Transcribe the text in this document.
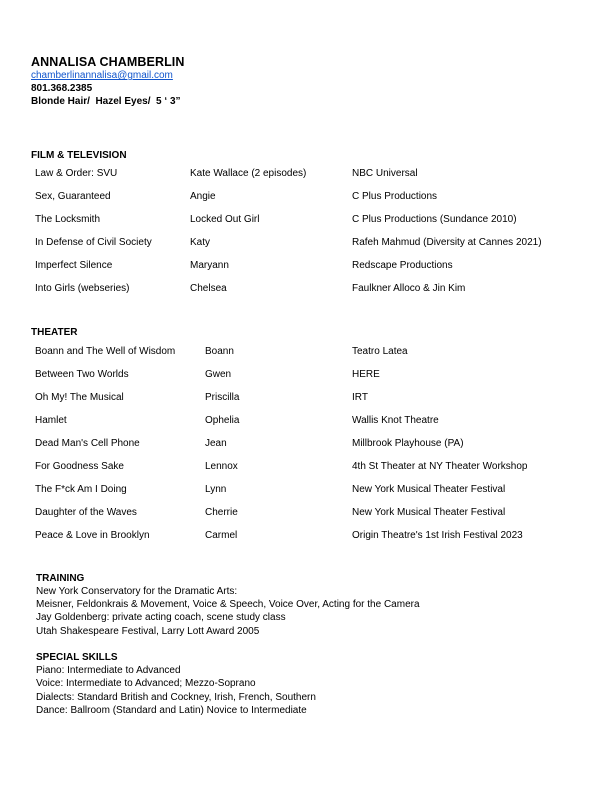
ANNALISA CHAMBERLIN
chamberlinannalisa@gmail.com
801.368.2385
Blonde Hair/  Hazel Eyes/  5 ‘ 3”
FILM & TELEVISION
Law & Order: SVU	Kate Wallace (2 episodes)	NBC Universal
Sex, Guaranteed	Angie	C Plus Productions
The Locksmith	Locked Out Girl	C Plus Productions (Sundance 2010)
In Defense of Civil Society	Katy	Rafeh Mahmud (Diversity at Cannes 2021)
Imperfect Silence	Maryann	Redscape Productions
Into Girls (webseries)	Chelsea	Faulkner Alloco & Jin Kim
THEATER
Boann and The Well of Wisdom	Boann	Teatro Latea
Between Two Worlds	Gwen	HERE
Oh My! The Musical	Priscilla	IRT
Hamlet	Ophelia	Wallis Knot Theatre
Dead Man's Cell Phone	Jean	Millbrook Playhouse (PA)
For Goodness Sake	Lennox	4th St Theater at NY Theater Workshop
The F*ck Am I Doing	Lynn	New York Musical Theater Festival
Daughter of the Waves	Cherrie	New York Musical Theater Festival
Peace & Love in Brooklyn	Carmel	Origin Theatre's 1st Irish Festival 2023
TRAINING
New York Conservatory for the Dramatic Arts:
Meisner, Feldonkrais & Movement, Voice & Speech, Voice Over, Acting for the Camera
Jay Goldenberg: private acting coach, scene study class
Utah Shakespeare Festival, Larry Lott Award 2005
SPECIAL SKILLS
Piano: Intermediate to Advanced
Voice: Intermediate to Advanced; Mezzo-Soprano
Dialects: Standard British and Cockney, Irish, French, Southern
Dance: Ballroom (Standard and Latin) Novice to Intermediate
